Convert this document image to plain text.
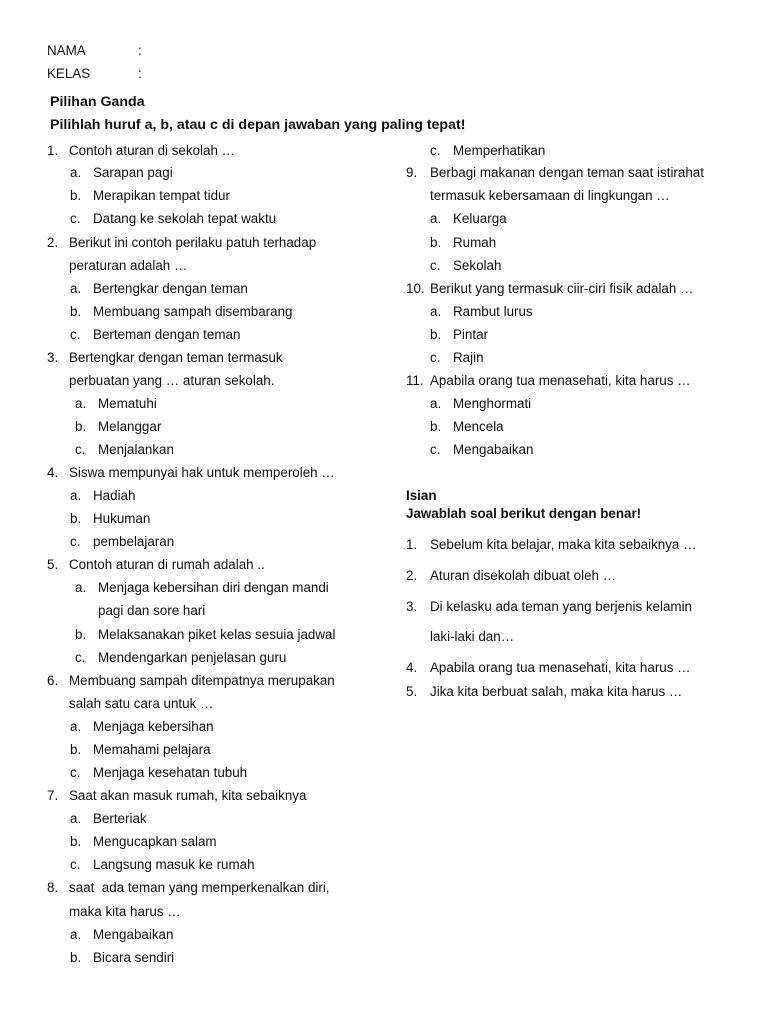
NAMA	:
KELAS	:
Pilihan Ganda
Pilihlah huruf a, b, atau c di depan jawaban yang paling tepat!
1. Contoh aturan di sekolah …
a. Sarapan pagi
b. Merapikan tempat tidur
c. Datang ke sekolah tepat waktu
2. Berikut ini contoh perilaku patuh terhadap
peraturan adalah …
a. Bertengkar dengan teman
b. Membuang sampah disembarang
c. Berteman dengan teman
3. Bertengkar dengan teman termasuk
perbuatan yang … aturan sekolah.
a. Mematuhi
b. Melanggar
c. Menjalankan
4. Siswa mempunyai hak untuk memperoleh …
a. Hadiah
b. Hukuman
c. pembelajaran
5. Contoh aturan di rumah adalah ..
a. Menjaga kebersihan diri dengan mandi
pagi dan sore hari
b. Melaksanakan piket kelas sesuia jadwal
c. Mendengarkan penjelasan guru
6. Membuang sampah ditempatnya merupakan
salah satu cara untuk …
a. Menjaga kebersihan
b. Memahami pelajara
c. Menjaga kesehatan tubuh
7. Saat akan masuk rumah, kita sebaiknya
a. Berteriak
b. Mengucapkan salam
c. Langsung masuk ke rumah
8. saat  ada teman yang memperkenalkan diri,
maka kita harus …
a. Mengabaikan
b. Bicara sendiri
c. Memperhatikan
9. Berbagi makanan dengan teman saat istirahat
termasuk kebersamaan di lingkungan …
a. Keluarga
b. Rumah
c. Sekolah
10. Berikut yang termasuk ciir-ciri fisik adalah …
a. Rambut lurus
b. Pintar
c. Rajin
11. Apabila orang tua menasehati, kita harus …
a. Menghormati
b. Mencela
c. Mengabaikan
Isian
Jawablah soal berikut dengan benar!
1. Sebelum kita belajar, maka kita sebaiknya …
2. Aturan disekolah dibuat oleh …
3. Di kelasku ada teman yang berjenis kelamin
laki-laki dan…
4. Apabila orang tua menasehati, kita harus …
5. Jika kita berbuat salah, maka kita harus …
